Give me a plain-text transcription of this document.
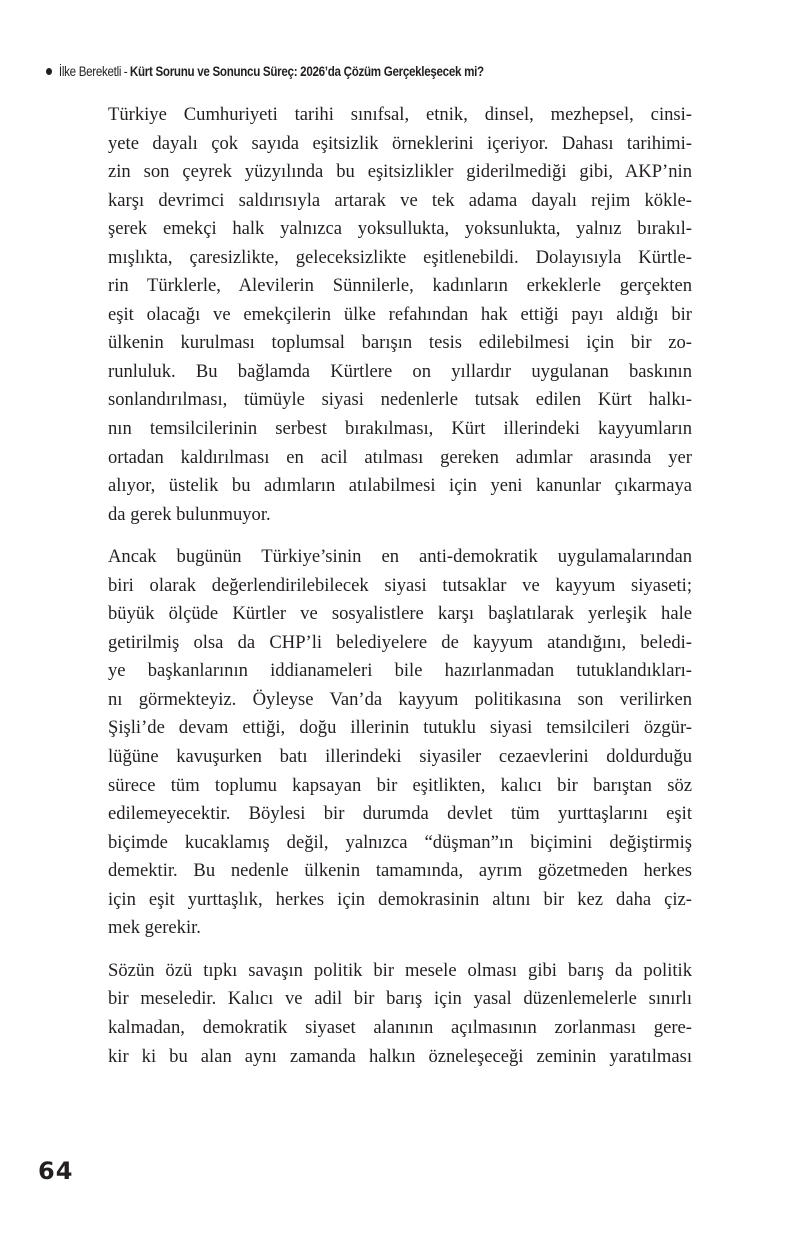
İlke Bereketli - Kürt Sorunu ve Sonuncu Süreç: 2026’da Çözüm Gerçekleşecek mi?

Türkiye Cumhuriyeti tarihi sınıfsal, etnik, dinsel, mezhepsel, cinsi-
yete dayalı çok sayıda eşitsizlik örneklerini içeriyor. Dahası tarihimi-
zin son çeyrek yüzyılında bu eşitsizlikler giderilmediği gibi, AKP’nin
karşı devrimci saldırısıyla artarak ve tek adama dayalı rejim kökle-
şerek emekçi halk yalnızca yoksullukta, yoksunlukta, yalnız bırakıl-
mışlıkta, çaresizlikte, geleceksizlikte eşitlenebildi. Dolayısıyla Kürtle-
rin Türklerle, Alevilerin Sünnilerle, kadınların erkeklerle gerçekten
eşit olacağı ve emekçilerin ülke refahından hak ettiği payı aldığı bir
ülkenin kurulması toplumsal barışın tesis edilebilmesi için bir zo-
runluluk. Bu bağlamda Kürtlere on yıllardır uygulanan baskının
sonlandırılması, tümüyle siyasi nedenlerle tutsak edilen Kürt halkı-
nın temsilcilerinin serbest bırakılması, Kürt illerindeki kayyumların
ortadan kaldırılması en acil atılması gereken adımlar arasında yer
alıyor, üstelik bu adımların atılabilmesi için yeni kanunlar çıkarmaya
da gerek bulunmuyor.

Ancak bugünün Türkiye’sinin en anti-demokratik uygulamalarından
biri olarak değerlendirilebilecek siyasi tutsaklar ve kayyum siyaseti;
büyük ölçüde Kürtler ve sosyalistlere karşı başlatılarak yerleşik hale
getirilmiş olsa da CHP’li belediyelere de kayyum atandığını, beledi-
ye başkanlarının iddianameleri bile hazırlanmadan tutuklandıkları-
nı görmekteyiz. Öyleyse Van’da kayyum politikasına son verilirken
Şişli’de devam ettiği, doğu illerinin tutuklu siyasi temsilcileri özgür-
lüğüne kavuşurken batı illerindeki siyasiler cezaevlerini doldurduğu
sürece tüm toplumu kapsayan bir eşitlikten, kalıcı bir barıştan söz
edilemeyecektir. Böylesi bir durumda devlet tüm yurttaşlarını eşit
biçimde kucaklamış değil, yalnızca “düşman”ın biçimini değiştirmiş
demektir. Bu nedenle ülkenin tamamında, ayrım gözetmeden herkes
için eşit yurttaşlık, herkes için demokrasinin altını bir kez daha çiz-
mek gerekir.

Sözün özü tıpkı savaşın politik bir mesele olması gibi barış da politik
bir meseledir. Kalıcı ve adil bir barış için yasal düzenlemelerle sınırlı
kalmadan, demokratik siyaset alanının açılmasının zorlanması gere-
kir ki bu alan aynı zamanda halkın özneleşeceği zeminin yaratılması

64
